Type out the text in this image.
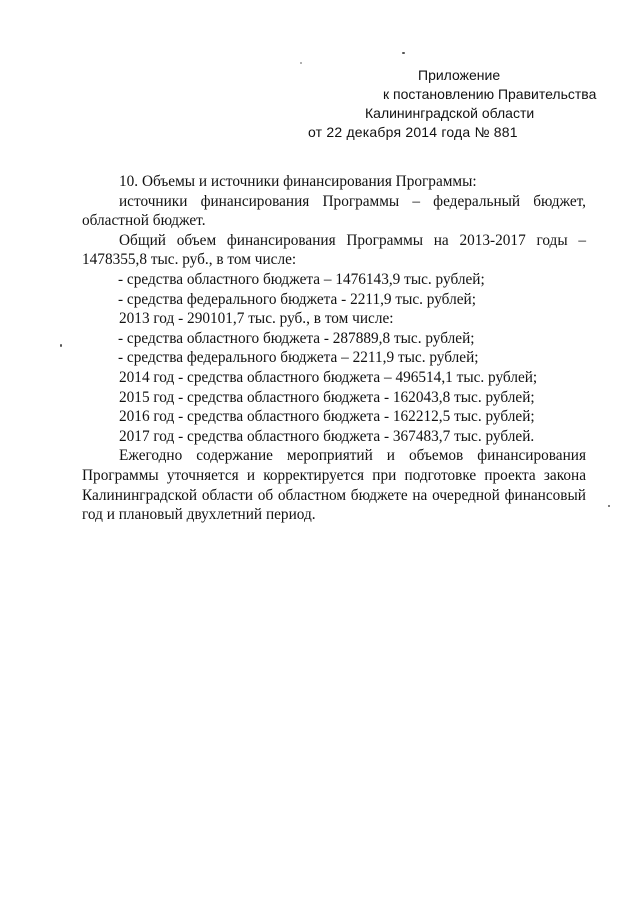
Приложение
к постановлению Правительства
Калининградской области
от 22 декабря 2014 года № 881

10. Объемы и источники финансирования Программы:

источники финансирования Программы – федеральный бюджет,

областной бюджет.

Общий объем финансирования Программы на 2013-2017 годы –

1478355,8 тыс. руб., в том числе:

- средства областного бюджета – 1476143,9 тыс. рублей;

- средства федерального бюджета - 2211,9 тыс. рублей;

2013 год - 290101,7 тыс. руб., в том числе:

- средства областного бюджета - 287889,8 тыс. рублей;

- средства федерального бюджета – 2211,9 тыс. рублей;

2014 год - средства областного бюджета – 496514,1 тыс. рублей;

2015 год - средства областного бюджета - 162043,8 тыс. рублей;

2016 год - средства областного бюджета - 162212,5 тыс. рублей;

2017 год - средства областного бюджета - 367483,7 тыс. рублей.

Ежегодно содержание мероприятий и объемов финансирования

Программы уточняется и корректируется при подготовке проекта закона

Калининградской области об областном бюджете на очередной финансовый

год и плановый двухлетний период.
